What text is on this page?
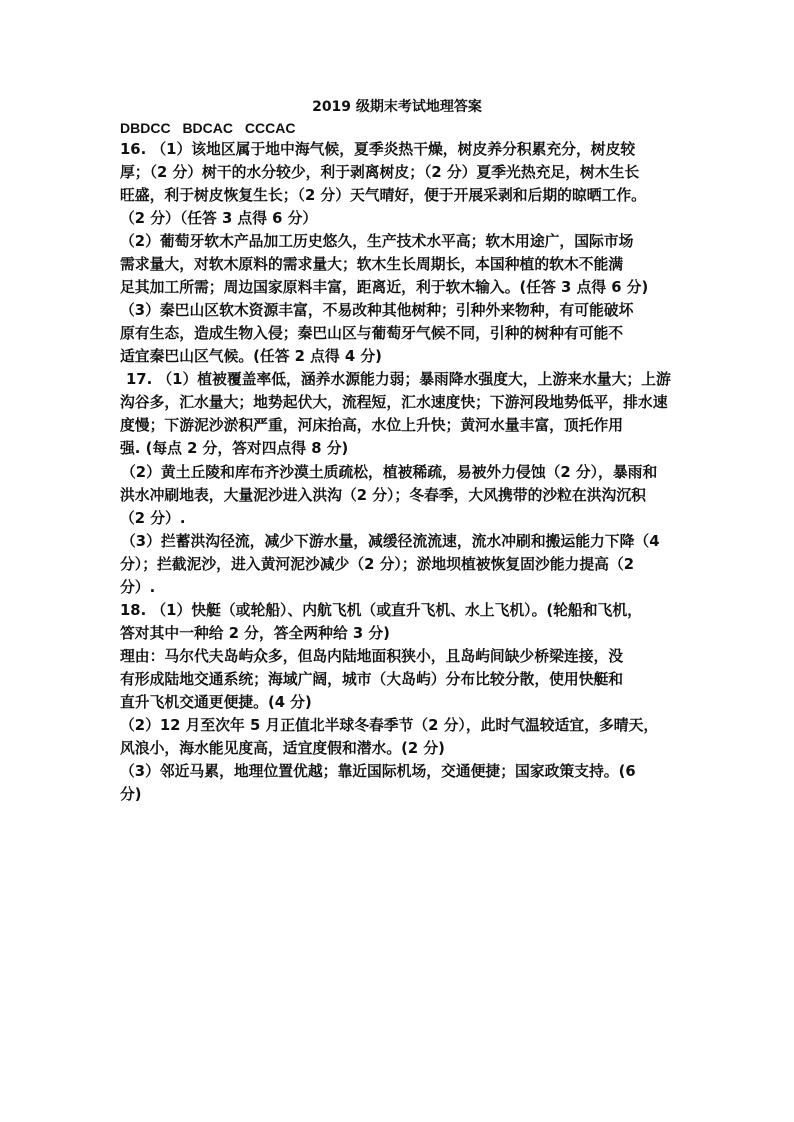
2019 级期末考试地理答案
DBDCC BDCAC CCCAC
16. （1）该地区属于地中海气候，夏季炎热干燥，树皮养分积累充分，树皮较
厚；（2 分）树干的水分较少，利于剥离树皮；（2 分）夏季光热充足，树木生长
旺盛，利于树皮恢复生长；（2 分）天气晴好，便于开展采剥和后期的晾晒工作。
（2 分）（任答 3 点得 6 分）
（2）葡萄牙软木产品加工历史悠久，生产技术水平高；软木用途广，国际市场
需求量大，对软木原料的需求量大；软木生长周期长，本国种植的软木不能满
足其加工所需；周边国家原料丰富，距离近，利于软木输入。(任答 3 点得 6 分)
（3）秦巴山区软木资源丰富，不易改种其他树种；引种外来物种，有可能破坏
原有生态，造成生物入侵；秦巴山区与葡萄牙气候不同，引种的树种有可能不
适宜秦巴山区气候。(任答 2 点得 4 分)
17. （1）植被覆盖率低，涵养水源能力弱；暴雨降水强度大，上游来水量大；上游
沟谷多，汇水量大；地势起伏大，流程短，汇水速度快；下游河段地势低平，排水速
度慢；下游泥沙淤积严重，河床抬高，水位上升快；黄河水量丰富，顶托作用
强. (每点 2 分，答对四点得 8 分)
（2）黄土丘陵和库布齐沙漠土质疏松，植被稀疏，易被外力侵蚀（2 分），暴雨和
洪水冲刷地表，大量泥沙进入洪沟（2 分）；冬春季，大风携带的沙粒在洪沟沉积
（2 分）.
（3）拦蓄洪沟径流，减少下游水量，减缓径流流速，流水冲刷和搬运能力下降（4
分）；拦截泥沙，进入黄河泥沙减少（2 分）；淤地坝植被恢复固沙能力提高（2
分）.
18. （1）快艇（或轮船）、内航飞机（或直升飞机、水上飞机）。(轮船和飞机，
答对其中一种给 2 分，答全两种给 3 分)
理由：马尔代夫岛屿众多，但岛内陆地面积狭小，且岛屿间缺少桥梁连接，没
有形成陆地交通系统；海域广阔，城市（大岛屿）分布比较分散，使用快艇和
直升飞机交通更便捷。(4 分)
（2）12 月至次年 5 月正值北半球冬春季节（2 分），此时气温较适宜，多晴天，
风浪小，海水能见度高，适宜度假和潜水。(2 分)
（3）邻近马累，地理位置优越；靠近国际机场，交通便捷；国家政策支持。(6
分)
